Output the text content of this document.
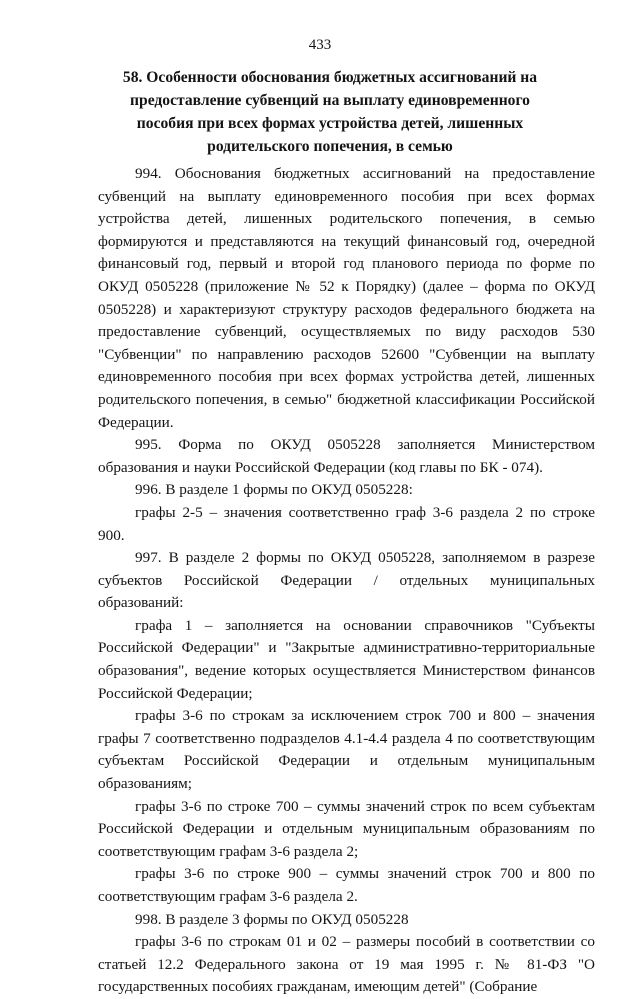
433
58. Особенности обоснования бюджетных ассигнований на предоставление субвенций на выплату единовременного пособия при всех формах устройства детей, лишенных родительского попечения, в семью

994. Обоснования бюджетных ассигнований на предоставление субвенций на выплату единовременного пособия при всех формах устройства детей, лишенных родительского попечения, в семью формируются и представляются на текущий финансовый год, очередной финансовый год, первый и второй год планового периода по форме по ОКУД 0505228 (приложение № 52 к Порядку) (далее – форма по ОКУД 0505228) и характеризуют структуру расходов федерального бюджета на предоставление субвенций, осуществляемых по виду расходов 530 "Субвенции" по направлению расходов 52600 "Субвенции на выплату единовременного пособия при всех формах устройства детей, лишенных родительского попечения, в семью" бюджетной классификации Российской Федерации.

995. Форма по ОКУД 0505228 заполняется Министерством образования и науки Российской Федерации (код главы по БК - 074).

996. В разделе 1 формы по ОКУД 0505228:

графы 2-5 – значения соответственно граф 3-6 раздела 2 по строке 900.

997. В разделе 2 формы по ОКУД 0505228, заполняемом в разрезе субъектов Российской Федерации / отдельных муниципальных образований:

графа 1 – заполняется на основании справочников "Субъекты Российской Федерации" и "Закрытые административно-территориальные образования", ведение которых осуществляется Министерством финансов Российской Федерации;

графы 3-6 по строкам за исключением строк 700 и 800 – значения графы 7 соответственно подразделов 4.1-4.4 раздела 4 по соответствующим субъектам Российской Федерации и отдельным муниципальным образованиям;

графы 3-6 по строке 700 – суммы значений строк по всем субъектам Российской Федерации и отдельным муниципальным образованиям по соответствующим графам 3-6 раздела 2;

графы 3-6 по строке 900 – суммы значений строк 700 и 800 по соответствующим графам 3-6 раздела 2.

998. В разделе 3 формы по ОКУД 0505228

графы 3-6 по строкам 01 и 02 – размеры пособий в соответствии со статьей 12.2 Федерального закона от 19 мая 1995 г. № 81-ФЗ "О государственных пособиях гражданам, имеющим детей" (Собрание
